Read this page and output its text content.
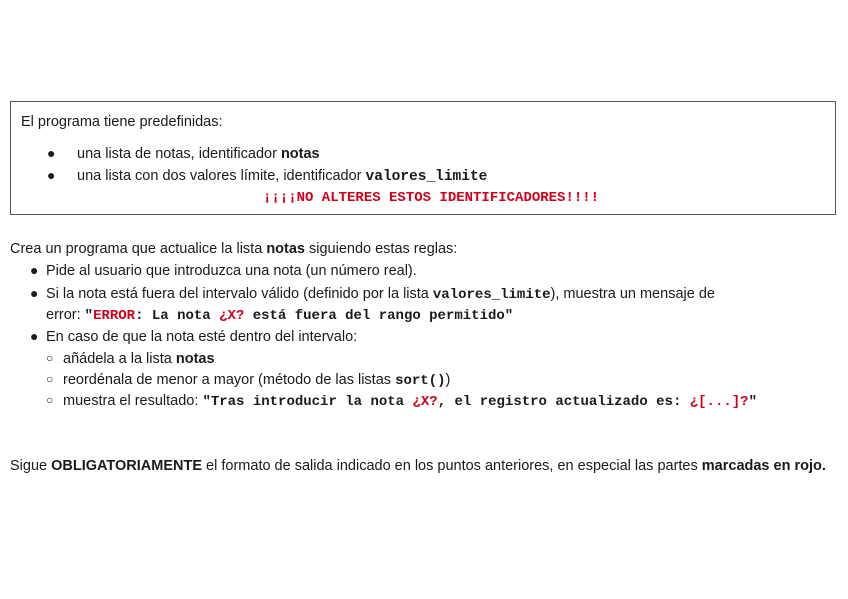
El programa tiene predefinidas:
● una lista de notas, identificador notas
● una lista con dos valores límite, identificador valores_limite
¡¡¡¡NO ALTERES ESTOS IDENTIFICADORES!!!!
Crea un programa que actualice la lista notas siguiendo estas reglas:
● Pide al usuario que introduzca una nota (un número real).
● Si la nota está fuera del intervalo válido (definido por la lista valores_limite), muestra un mensaje de
error: "ERROR: La nota ¿X? está fuera del rango permitido"
● En caso de que la nota esté dentro del intervalo:
○ añádela a la lista notas
○ reordénala de menor a mayor (método de las listas sort())
○ muestra el resultado: "Tras introducir la nota ¿X?, el registro actualizado es: ¿[...]?"
Sigue OBLIGATORIAMENTE el formato de salida indicado en los puntos anteriores, en especial las partes marcadas en rojo.
